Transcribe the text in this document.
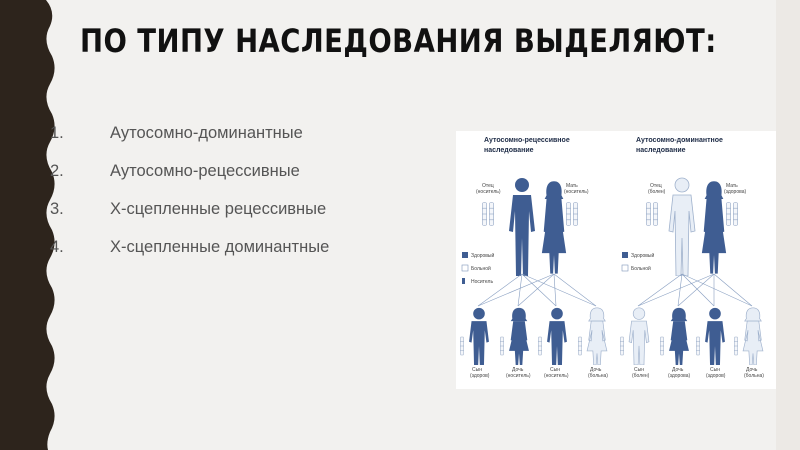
ПО ТИПУ НАСЛЕДОВАНИЯ ВЫДЕЛЯЮТ:
1.	Аутосомно-доминантные
2.	Аутосомно-рецессивные
3.	Х-сцепленные рецессивные
4.	Х-сцепленные доминантные
Аутосомно-рецессивное
наследование
Отец
(носитель)
Мать
(носитель)
Здоровый
Больной
Носитель
Сын
(здоров)
Дочь
(носитель)
Сын
(носитель)
Дочь
(больна)
Аутосомно-доминантное
наследование
Отец
(болен)
Мать
(здорова)
Здоровый
Больной
Сын
(болен)
Дочь
(здорова)
Сын
(здоров)
Дочь
(больна)
